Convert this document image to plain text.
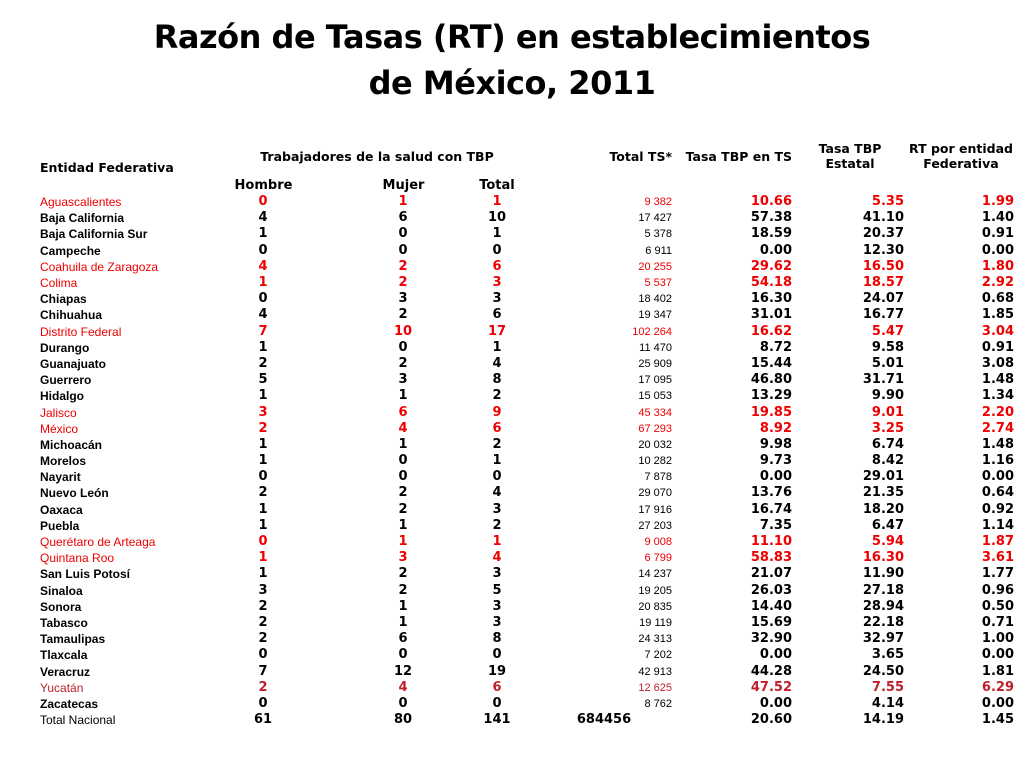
Razón de Tasas (RT) en establecimientos
de México, 2011
Entidad Federativa	Trabajadores de la salud con TBP			Total TS*	Tasa TBP en TS	Tasa TBP Estatal	RT por entidad Federativa
	Hombre	Mujer	Total				
Aguascalientes	0	1	1	9 382	10.66	5.35	1.99
Baja California	4	6	10	17 427	57.38	41.10	1.40
Baja California Sur	1	0	1	5 378	18.59	20.37	0.91
Campeche	0	0	0	6 911	0.00	12.30	0.00
Coahuila de Zaragoza	4	2	6	20 255	29.62	16.50	1.80
Colima	1	2	3	5 537	54.18	18.57	2.92
Chiapas	0	3	3	18 402	16.30	24.07	0.68
Chihuahua	4	2	6	19 347	31.01	16.77	1.85
Distrito Federal	7	10	17	102 264	16.62	5.47	3.04
Durango	1	0	1	11 470	8.72	9.58	0.91
Guanajuato	2	2	4	25 909	15.44	5.01	3.08
Guerrero	5	3	8	17 095	46.80	31.71	1.48
Hidalgo	1	1	2	15 053	13.29	9.90	1.34
Jalisco	3	6	9	45 334	19.85	9.01	2.20
México	2	4	6	67 293	8.92	3.25	2.74
Michoacán	1	1	2	20 032	9.98	6.74	1.48
Morelos	1	0	1	10 282	9.73	8.42	1.16
Nayarit	0	0	0	7 878	0.00	29.01	0.00
Nuevo León	2	2	4	29 070	13.76	21.35	0.64
Oaxaca	1	2	3	17 916	16.74	18.20	0.92
Puebla	1	1	2	27 203	7.35	6.47	1.14
Querétaro de Arteaga	0	1	1	9 008	11.10	5.94	1.87
Quintana Roo	1	3	4	6 799	58.83	16.30	3.61
San Luis Potosí	1	2	3	14 237	21.07	11.90	1.77
Sinaloa	3	2	5	19 205	26.03	27.18	0.96
Sonora	2	1	3	20 835	14.40	28.94	0.50
Tabasco	2	1	3	19 119	15.69	22.18	0.71
Tamaulipas	2	6	8	24 313	32.90	32.97	1.00
Tlaxcala	0	0	0	7 202	0.00	3.65	0.00
Veracruz	7	12	19	42 913	44.28	24.50	1.81
Yucatán	2	4	6	12 625	47.52	7.55	6.29
Zacatecas	0	0	0	8 762	0.00	4.14	0.00
Total Nacional	61	80	141	684456	20.60	14.19	1.45
